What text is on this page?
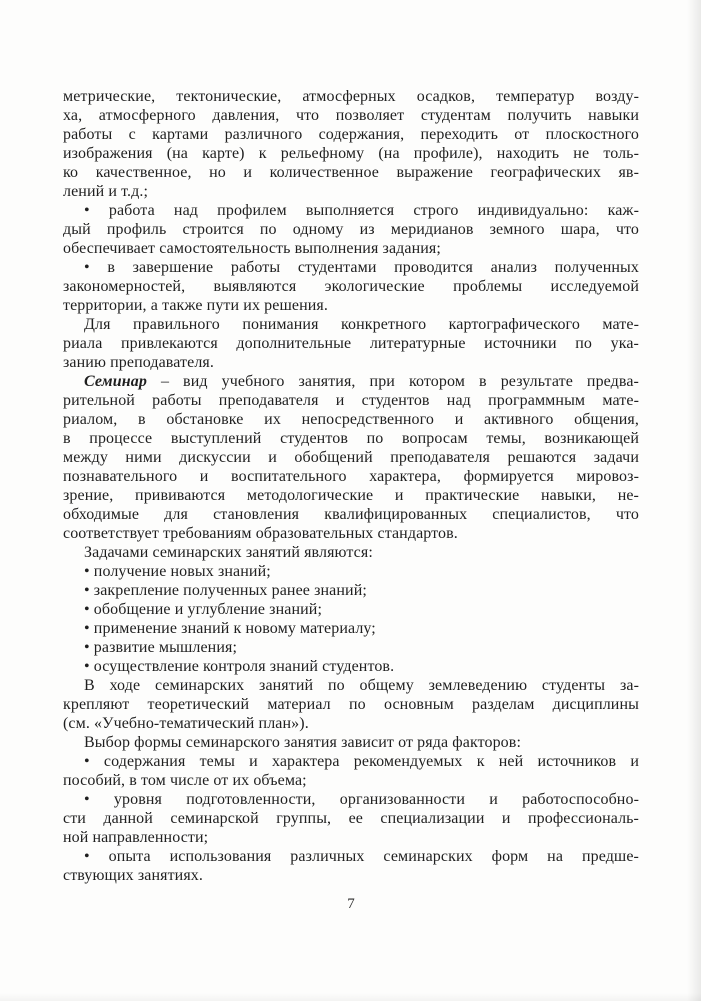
метрические, тектонические, атмосферных осадков, температур возду-
ха, атмосферного давления, что позволяет студентам получить навыки
работы с картами различного содержания, переходить от плоскостного
изображения (на карте) к рельефному (на профиле), находить не толь-
ко качественное, но и количественное выражение географических яв-
лений и т.д.;
• работа над профилем выполняется строго индивидуально: каж-
дый профиль строится по одному из меридианов земного шара, что
обеспечивает самостоятельность выполнения задания;
• в завершение работы студентами проводится анализ полученных
закономерностей, выявляются экологические проблемы исследуемой
территории, а также пути их решения.
Для правильного понимания конкретного картографического мате-
риала привлекаются дополнительные литературные источники по ука-
занию преподавателя.
Семинар – вид учебного занятия, при котором в результате предва-
рительной работы преподавателя и студентов над программным мате-
риалом, в обстановке их непосредственного и активного общения,
в процессе выступлений студентов по вопросам темы, возникающей
между ними дискуссии и обобщений преподавателя решаются задачи
познавательного и воспитательного характера, формируется мировоз-
зрение, прививаются методологические и практические навыки, не-
обходимые для становления квалифицированных специалистов, что
соответствует требованиям образовательных стандартов.
Задачами семинарских занятий являются:
• получение новых знаний;
• закрепление полученных ранее знаний;
• обобщение и углубление знаний;
• применение знаний к новому материалу;
• развитие мышления;
• осуществление контроля знаний студентов.
В ходе семинарских занятий по общему землеведению студенты за-
крепляют теоретический материал по основным разделам дисциплины
(см. «Учебно-тематический план»).
Выбор формы семинарского занятия зависит от ряда факторов:
• содержания темы и характера рекомендуемых к ней источников и
пособий, в том числе от их объема;
• уровня подготовленности, организованности и работоспособно-
сти данной семинарской группы, ее специализации и профессиональ-
ной направленности;
• опыта использования различных семинарских форм на предше-
ствующих занятиях.
7
